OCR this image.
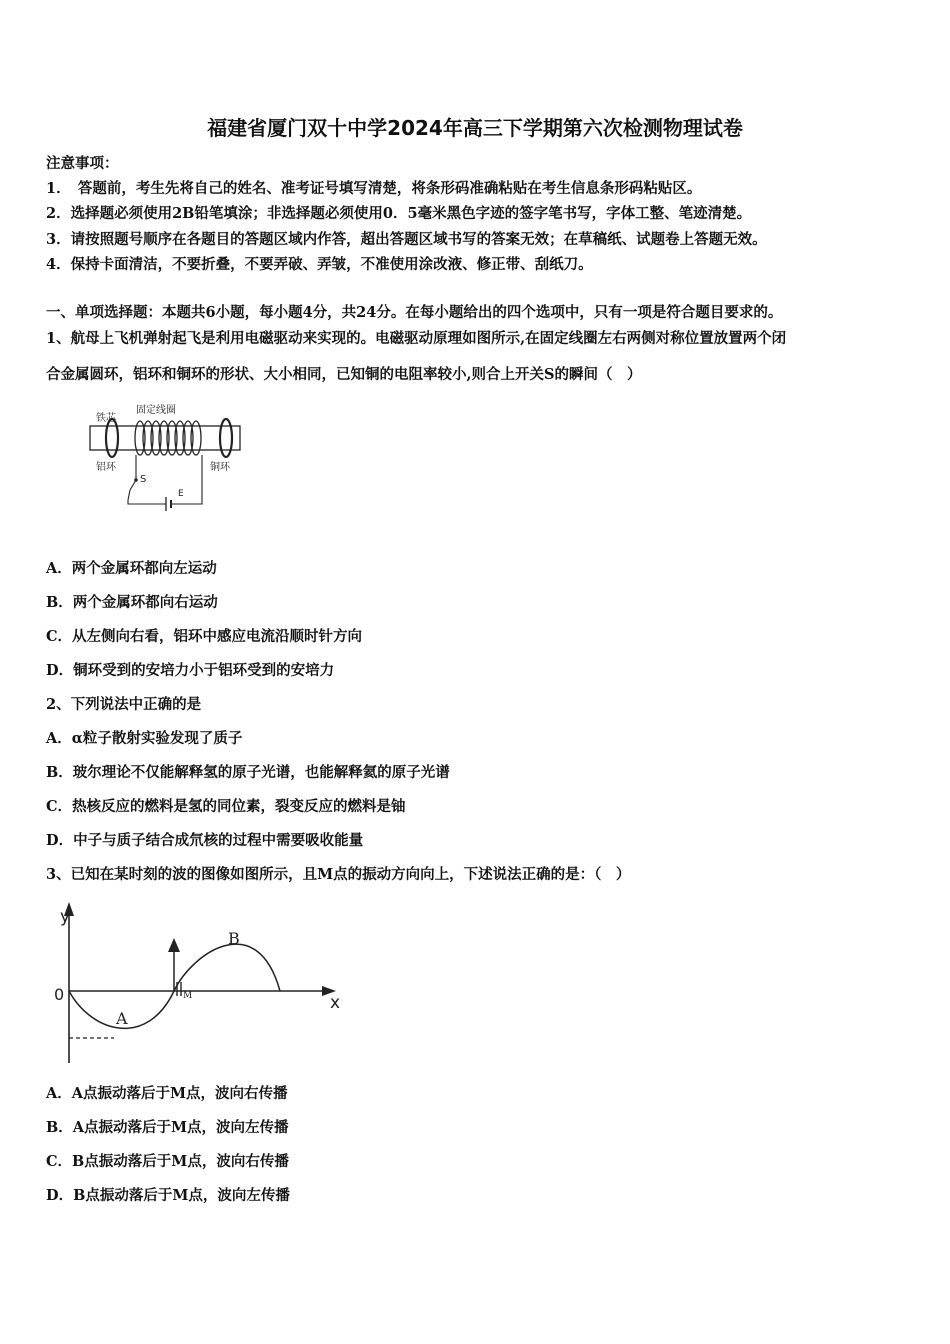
福建省厦门双十中学2024年高三下学期第六次检测物理试卷
注意事项：
1．　答题前，考生先将自己的姓名、准考证号填写清楚，将条形码准确粘贴在考生信息条形码粘贴区。
2．选择题必须使用2B铅笔填涂；非选择题必须使用0．5毫米黑色字迹的签字笔书写，字体工整、笔迹清楚。
3．请按照题号顺序在各题目的答题区域内作答，超出答题区域书写的答案无效；在草稿纸、试题卷上答题无效。
4．保持卡面清洁，不要折叠，不要弄破、弄皱，不准使用涂改液、修正带、刮纸刀。
一、单项选择题：本题共6小题，每小题4分，共24分。在每小题给出的四个选项中，只有一项是符合题目要求的。
1、航母上飞机弹射起飞是利用电磁驱动来实现的。电磁驱动原理如图所示,在固定线圈左右两侧对称位置放置两个闭
合金属圆环，铝环和铜环的形状、大小相同，已知铜的电阻率较小,则合上开关S的瞬间（　）
铁芯
固定线圈
铝环	铜环
S
E
A．两个金属环都向左运动
B．两个金属环都向右运动
C．从左侧向右看，铝环中感应电流沿顺时针方向
D．铜环受到的安培力小于铝环受到的安培力
2、下列说法中正确的是
A．α粒子散射实验发现了质子
B．玻尔理论不仅能解释氢的原子光谱，也能解释氦的原子光谱
C．热核反应的燃料是氢的同位素，裂变反应的燃料是铀
D．中子与质子结合成氘核的过程中需要吸收能量
3、已知在某时刻的波的图像如图所示，且M点的振动方向向上，下述说法正确的是：（　）
y
x
0
A
B
M
A．A点振动落后于M点，波向右传播
B．A点振动落后于M点，波向左传播
C．B点振动落后于M点，波向右传播
D．B点振动落后于M点，波向左传播
